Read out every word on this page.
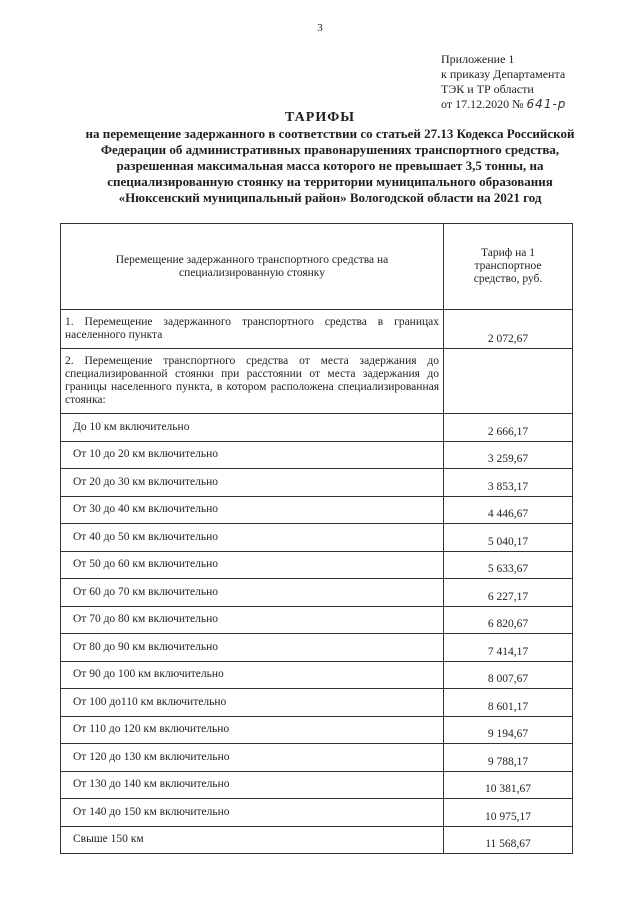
3
Приложение 1
к приказу Департамента
ТЭК и ТР области
от 17.12.2020 № 641-р
ТАРИФЫ
на перемещение задержанного в соответствии со статьей 27.13 Кодекса Российской Федерации об административных правонарушениях транспортного средства, разрешенная максимальная масса которого не превышает 3,5 тонны, на специализированную стоянку на территории муниципального образования «Нюксенский муниципальный район» Вологодской области на 2021 год
Перемещение задержанного транспортного средства на специализированную стоянку	Тариф на 1 транспортное средство, руб.
1. Перемещение задержанного транспортного средства в границах населенного пункта	2 072,67
2. Перемещение транспортного средства от места задержания до специализированной стоянки при расстоянии от места задержания до границы населенного пункта, в котором расположена специализированная стоянка:	
До 10 км включительно	2 666,17
От 10 до 20 км включительно	3 259,67
От 20 до 30 км включительно	3 853,17
От 30 до 40 км включительно	4 446,67
От 40 до 50 км включительно	5 040,17
От 50 до 60 км включительно	5 633,67
От 60 до 70 км включительно	6 227,17
От 70 до 80 км включительно	6 820,67
От 80 до 90 км включительно	7 414,17
От 90 до 100 км включительно	8 007,67
От 100 до110 км включительно	8 601,17
От 110 до 120 км включительно	9 194,67
От 120 до 130 км включительно	9 788,17
От 130 до 140 км включительно	10 381,67
От 140 до 150 км включительно	10 975,17
Свыше 150 км	11 568,67
